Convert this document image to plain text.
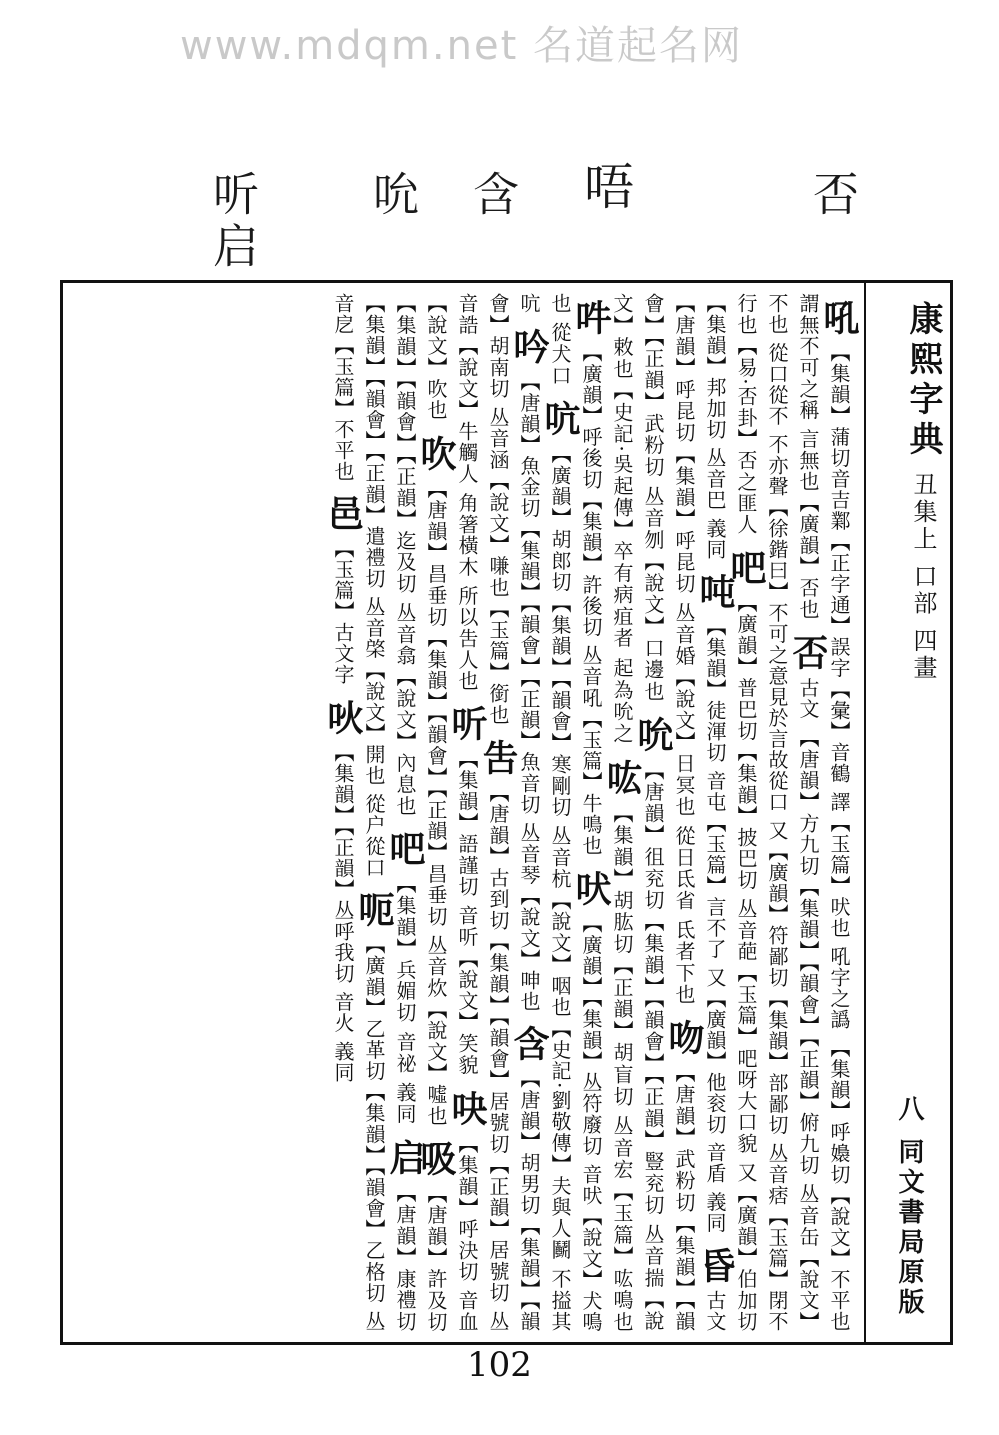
www.mdqm.net 名道起名网
否
唔
含
吮
听
启
康熙字典 丑集上 口部 四畫
八 同文書局原版
吼【集韻】蒲切音吉鄴【正字通】誤字【彙】音鶴 譯【玉篇】吠也 吼字之譌 【集韻】呼嬝切【說文】不平也 謂無不可之稱 言無也【廣韻】否也 否古文 【唐韻】方九切【集韻】【韻會】【正韻】俯九切 丛音缶【說文】不也 從口從不 不亦聲【徐鍇曰】不可之意見於言故從口 又【廣韻】符鄙切【集韻】部鄙切 丛音痞【玉篇】閉不行也【易·否卦】否之匪人 吧【廣韻】普巴切【集韻】披巴切 丛音葩【玉篇】吧呀大口貌 又【廣韻】伯加切【集韻】邦加切 丛音巴 義同 吨【集韻】徒渾切 音屯【玉篇】言不了 又【廣韻】他衮切 音盾 義同 昏古文 【唐韻】呼昆切【集韻】呼昆切 丛音婚【說文】日冥也 從日氐省 氐者下也 吻【唐韻】武粉切【集韻】【韻會】【正韻】武粉切 丛音刎【說文】口邊也 吮【唐韻】徂兖切【集韻】【韻會】【正韻】豎兖切 丛音揣【說文】敕也【史記·吳起傳】卒有病疽者 起為吮之 吰【集韻】胡肱切【正韻】胡盲切 丛音宏【玉篇】吰鳴也 吽【廣韻】呼後切【集韻】許後切 丛音吼【玉篇】牛鳴也 吠【廣韻】【集韻】丛符廢切 音吠【說文】犬鳴也 從犬口 吭【廣韻】胡郎切【集韻】【韻會】寒剛切 丛音杭【說文】咽也【史記·劉敬傳】夫與人鬭 不搤其吭 吟【唐韻】魚金切【集韻】【韻會】【正韻】魚音切 丛音琴【說文】呻也 含【唐韻】胡男切【集韻】【韻會】胡南切 丛音涵【說文】嗛也【玉篇】銜也 吿【唐韻】古到切【集韻】【韻會】居號切【正韻】居號切 丛音誥【說文】牛觸人 角箸橫木 所以吿人也 听【集韻】語謹切 音听【說文】笑貌 吷【集韻】呼決切 音血【說文】吹也 吹【唐韻】昌垂切【集韻】【韻會】【正韻】昌垂切 丛音炊【說文】噓也 吸【唐韻】許及切【集韻】【韻會】【正韻】迄及切 丛音翕【說文】內息也 吧【集韻】兵媚切 音祕 義同 启【唐韻】康禮切【集韻】【韻會】【正韻】遣禮切 丛音棨【說文】開也 從户從口 呃【廣韻】乙革切【集韻】【韻會】乙格切 丛音戹【玉篇】不平也 邑【玉篇】古文字 吙【集韻】【正韻】丛呼我切 音火 義同
102
